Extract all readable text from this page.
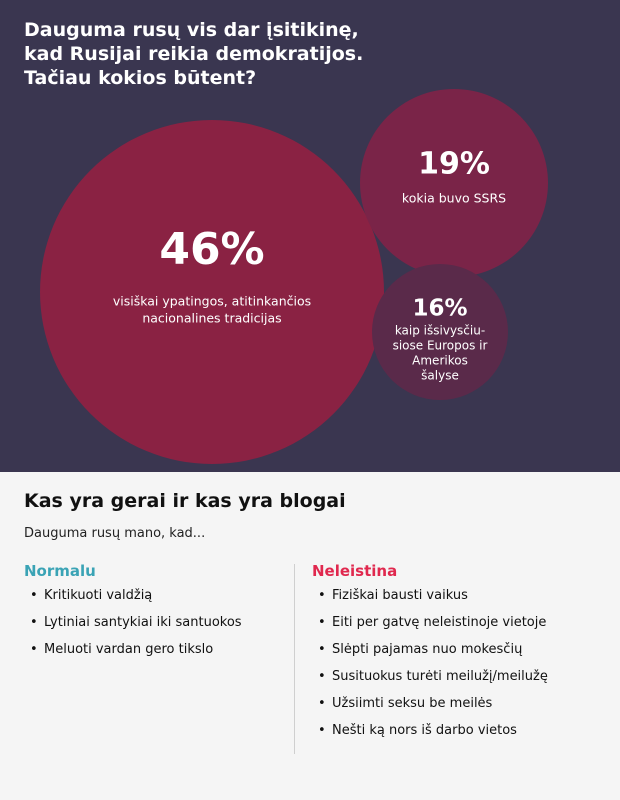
Dauguma rusų vis dar įsitikinę,
kad Rusijai reikia demokratijos.
Tačiau kokios būtent?
46%
visiškai ypatingos, atitinkančios
nacionalines tradicijas
19%
kokia buvo SSRS
16%
kaip išsivysčiu-
siose Europos ir
Amerikos
šalyse
Kas yra gerai ir kas yra blogai

Dauguma rusų mano, kad...

Normalu
• Kritikuoti valdžią
• Lytiniai santykiai iki santuokos
• Meluoti vardan gero tikslo
Neleistina
• Fiziškai bausti vaikus
• Eiti per gatvę neleistinoje vietoje
• Slėpti pajamas nuo mokesčių
• Susituokus turėti meilužį/meilužę
• Užsiimti seksu be meilės
• Nešti ką nors iš darbo vietos
